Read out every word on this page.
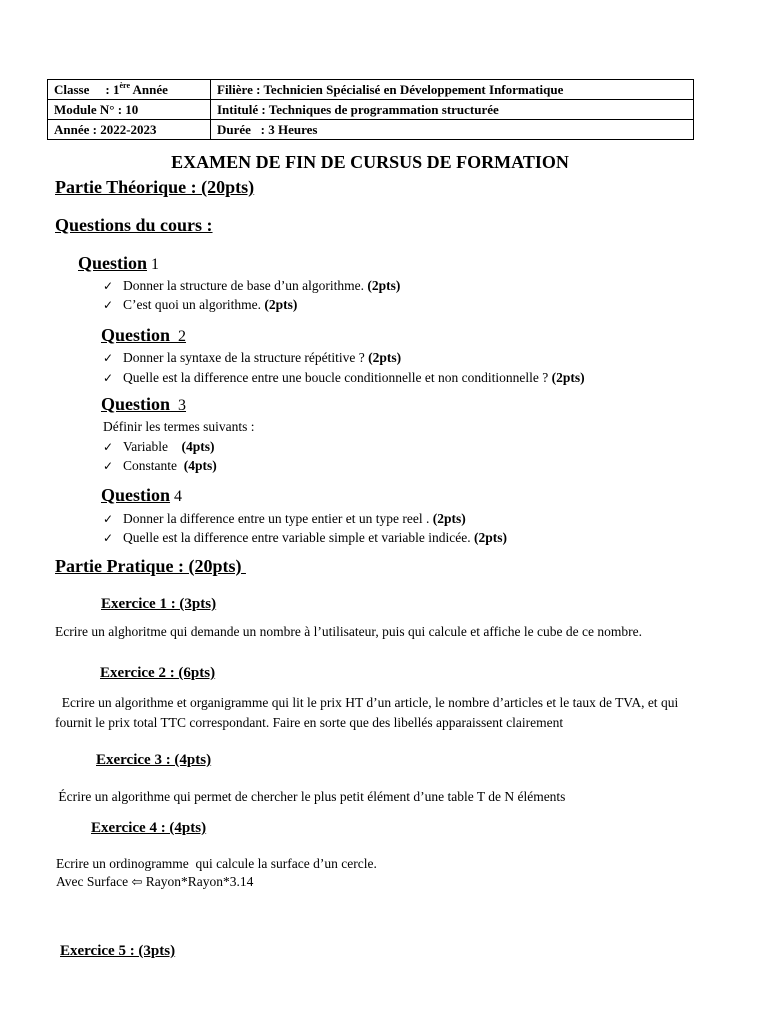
Classe : 1ère Année	Filière : Technicien Spécialisé en Développement Informatique
Module N° : 10	Intitulé : Techniques de programmation structurée
Année : 2022-2023	Durée   : 3 Heures
EXAMEN DE FIN DE CURSUS DE FORMATION
Partie Théorique : (20pts)
Questions du cours :
Question 1
✓ Donner la structure de base d’un algorithme. (2pts)
✓ C’est quoi un algorithme. (2pts)
Question  2
✓ Donner la syntaxe de la structure répétitive ? (2pts)
✓ Quelle est la difference entre une boucle conditionnelle et non conditionnelle ? (2pts)
Question  3
Définir les termes suivants :
✓ Variable    (4pts)
✓ Constante  (4pts)
Question 4
✓ Donner la difference entre un type entier et un type reel . (2pts)
✓ Quelle est la difference entre variable simple et variable indicée. (2pts)
Partie Pratique : (20pts)
Exercice 1 : (3pts)
Ecrire un alghoritme qui demande un nombre à l’utilisateur, puis qui calcule et affiche le cube de ce nombre.
Exercice 2 : (6pts)
Ecrire un algorithme et organigramme qui lit le prix HT d’un article, le nombre d’articles et le taux de TVA, et qui fournit le prix total TTC correspondant. Faire en sorte que des libellés apparaissent clairement
Exercice 3 : (4pts)
Écrire un algorithme qui permet de chercher le plus petit élément d’une table T de N éléments
Exercice 4 : (4pts)
Ecrire un ordinogramme  qui calcule la surface d’un cercle.
Avec Surface ⇦ Rayon*Rayon*3.14
Exercice 5 : (3pts)
